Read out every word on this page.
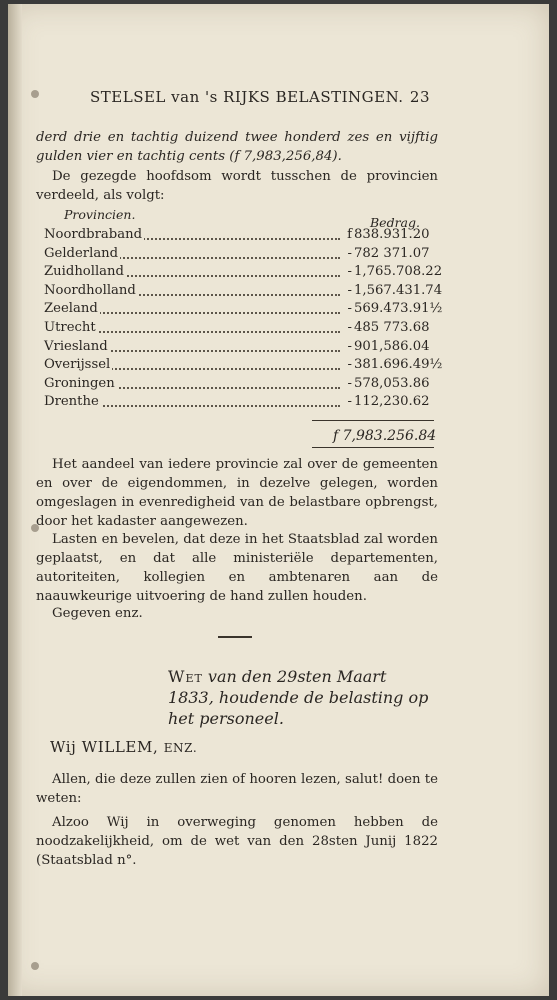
STELSEL van 's RIJKS BELASTINGEN. 23
derd drie en tachtig duizend twee honderd zes en vijftig gulden vier en tachtig cents (f 7,983,256,84).
De gezegde hoofdsom wordt tusschen de provincien verdeeld, als volgt:
Provincien.
Bedrag.
Noordbraband	f 838.931.20
Gelderland	- 782 371.07
Zuidholland	- 1,765.708.22
Noordholland	- 1,567.431.74
Zeeland	- 569.473.91½
Utrecht	- 485 773.68
Vriesland	- 901,586.04
Overijssel	- 381.696.49½
Groningen	- 578,053.86
Drenthe	- 112,230.62
f 7,983.256.84
Het aandeel van iedere provincie zal over de gemeenten en over de eigendommen, in dezelve gelegen, worden omgeslagen in evenredigheid van de belastbare opbrengst, door het kadaster aangewezen.
Lasten en bevelen, dat deze in het Staatsblad zal worden geplaatst, en dat alle ministeriële departementen, autoriteiten, kollegien en ambtenaren aan de naauwkeurige uitvoering de hand zullen houden.
Gegeven enz.
Wet van den 29sten Maart 1833, houdende de belasting op het personeel.
Wij WILLEM, ENZ.
Allen, die deze zullen zien of hooren lezen, salut! doen te weten:
Alzoo Wij in overweging genomen hebben de noodzakelijkheid, om de wet van den 28sten Junij 1822 (Staatsblad n°.
